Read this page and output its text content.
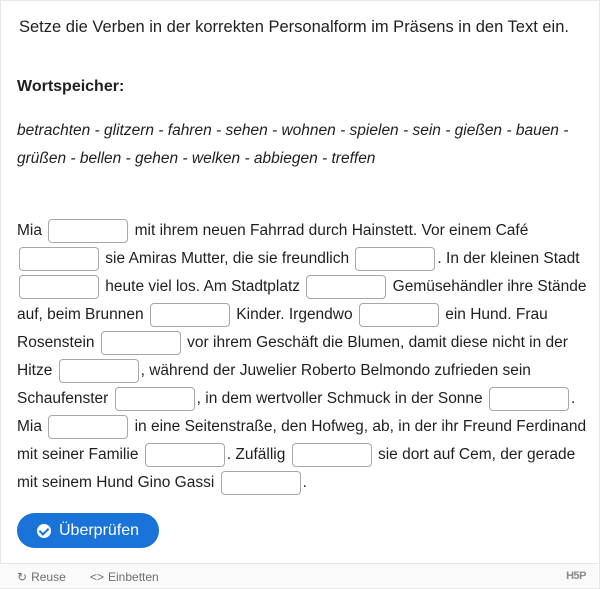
Setze die Verben in der korrekten Personalform im Präsens in den Text ein.

Wortspeicher:

betrachten - glitzern - fahren - sehen - wohnen - spielen - sein - gießen - bauen - grüßen - bellen - gehen - welken - abbiegen - treffen

Mia	mit ihrem neuen Fahrrad durch Hainstett. Vor einem Café  sie Amiras Mutter, die sie freundlich	. In der kleinen Stadt  heute viel los. Am Stadtplatz	Gemüsehändler ihre Stände auf, beim Brunnen	Kinder. Irgendwo	ein Hund. Frau Rosenstein	vor ihrem Geschäft die Blumen, damit diese nicht in der Hitze	, während der Juwelier Roberto Belmondo zufrieden sein Schaufenster	, in dem wertvoller Schmuck in der Sonne	. Mia	in eine Seitenstraße, den Hofweg, ab, in der ihr Freund Ferdinand mit seiner Familie	. Zufällig	sie dort auf Cem, der gerade mit seinem Hund Gino Gassi	.

Überprüfen
↻ Reuse <> Einbetten	H5P
